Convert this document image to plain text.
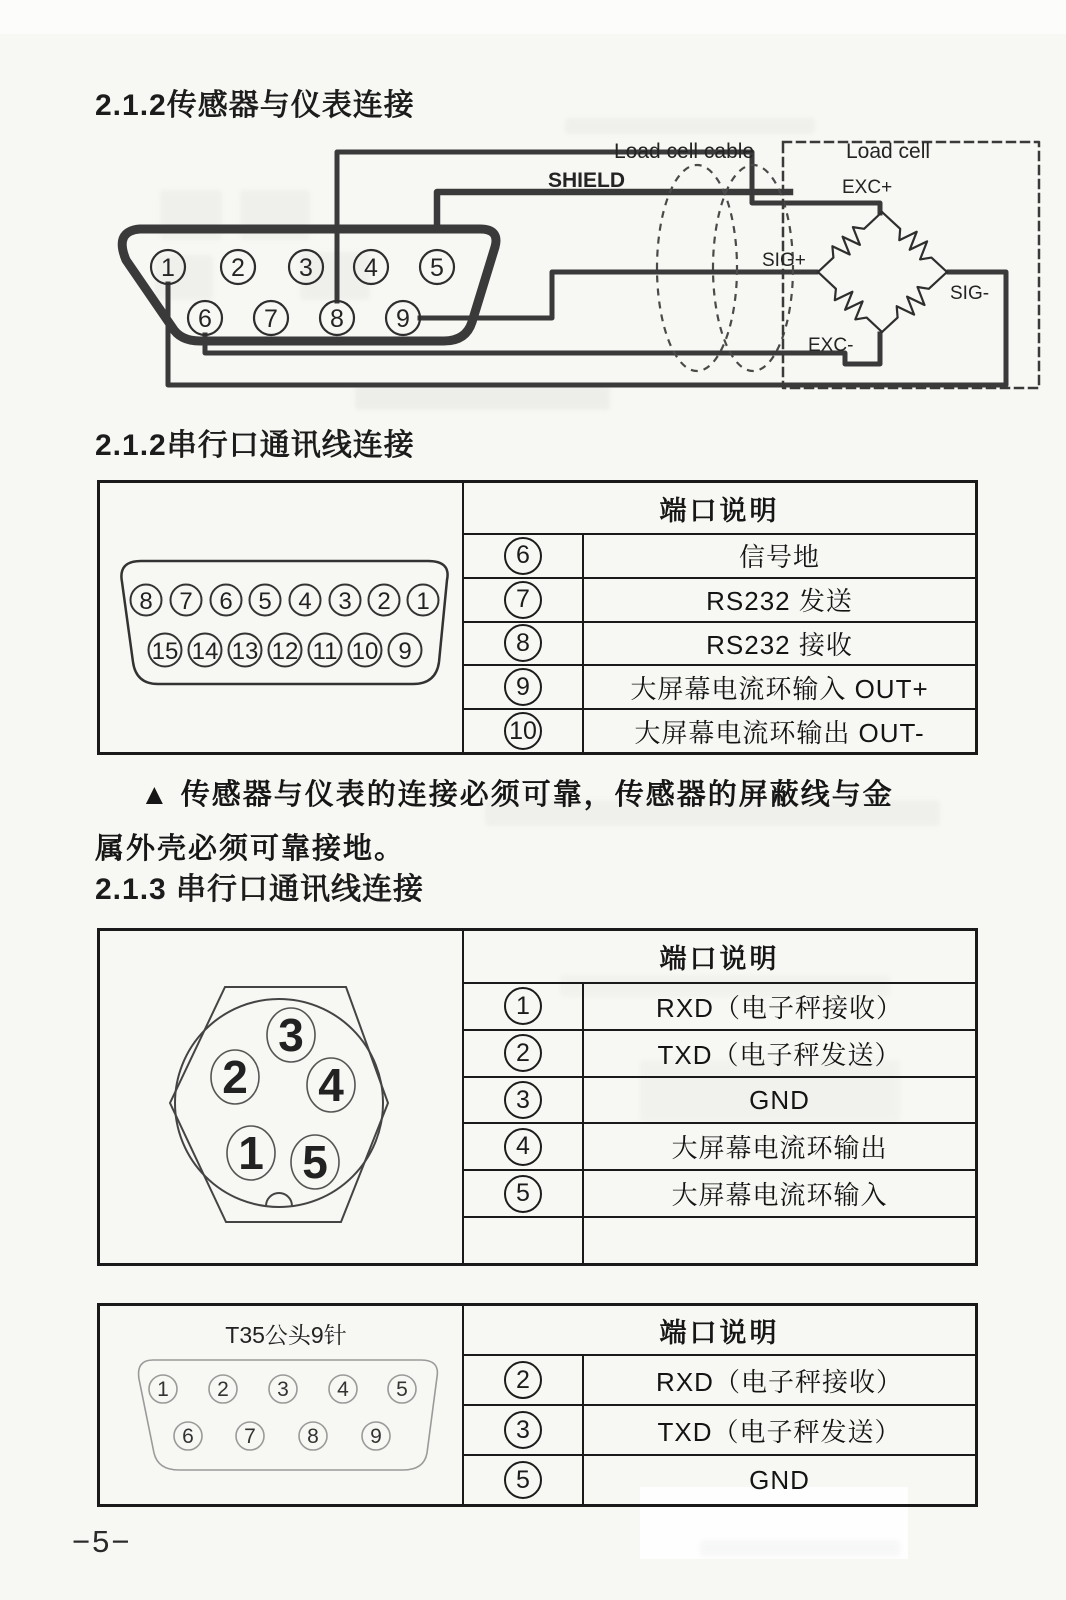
2.1.2传感器与仪表连接
1 2 3 4 5
6 7 8 9
SHIELD
Load cell cable	Load cell
EXC+
SIG+
SIG-
EXC-
2.1.2串行口通讯线连接
8 7 6 5 4 3 2 1
15 14 13 12 11 10 9
端口说明
6	信号地
7	RS232 发送
8	RS232 接收
9	大屏幕电流环输入 OUT+
10	大屏幕电流环输出 OUT-
▲ 传感器与仪表的连接必须可靠，传感器的屏蔽线与金
属外壳必须可靠接地。
2.1.3 串行口通讯线连接
3
2 4
1 5
端口说明
1	RXD（电子秤接收）
2	TXD（电子秤发送）
3	GND
4	大屏幕电流环输出
5	大屏幕电流环输入
T35公头9针
1 2 3 4 5
6 7 8 9
端口说明
2	RXD（电子秤接收）
3	TXD（电子秤发送）
5	GND
−5−
